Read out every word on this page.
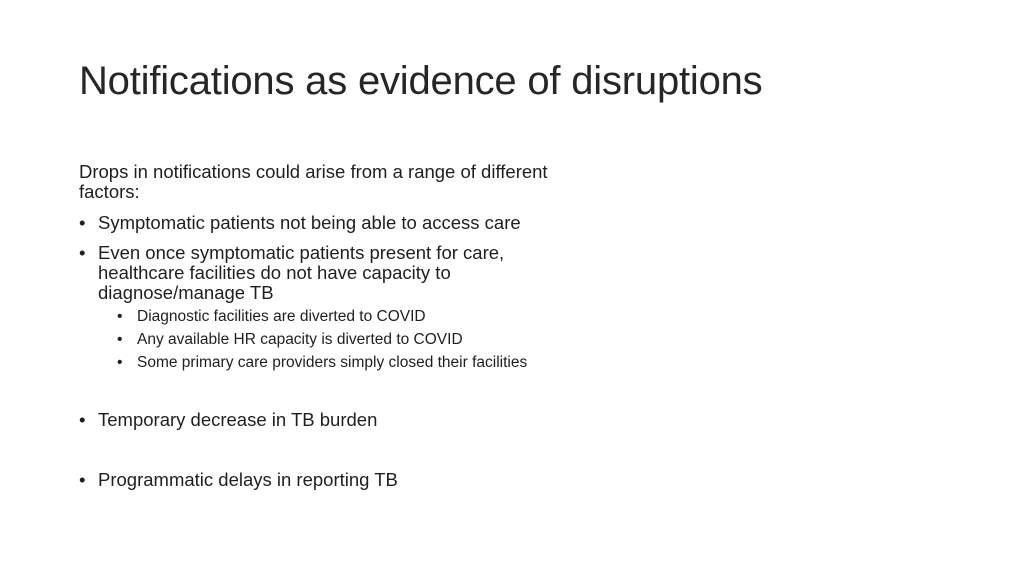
Notifications as evidence of disruptions

Drops in notifications could arise from a range of different factors:

• Symptomatic patients not being able to access care
• Even once symptomatic patients present for care, healthcare facilities do not have capacity to diagnose/manage TB
• Diagnostic facilities are diverted to COVID
• Any available HR capacity is diverted to COVID
• Some primary care providers simply closed their facilities
• Temporary decrease in TB burden
• Programmatic delays in reporting TB
